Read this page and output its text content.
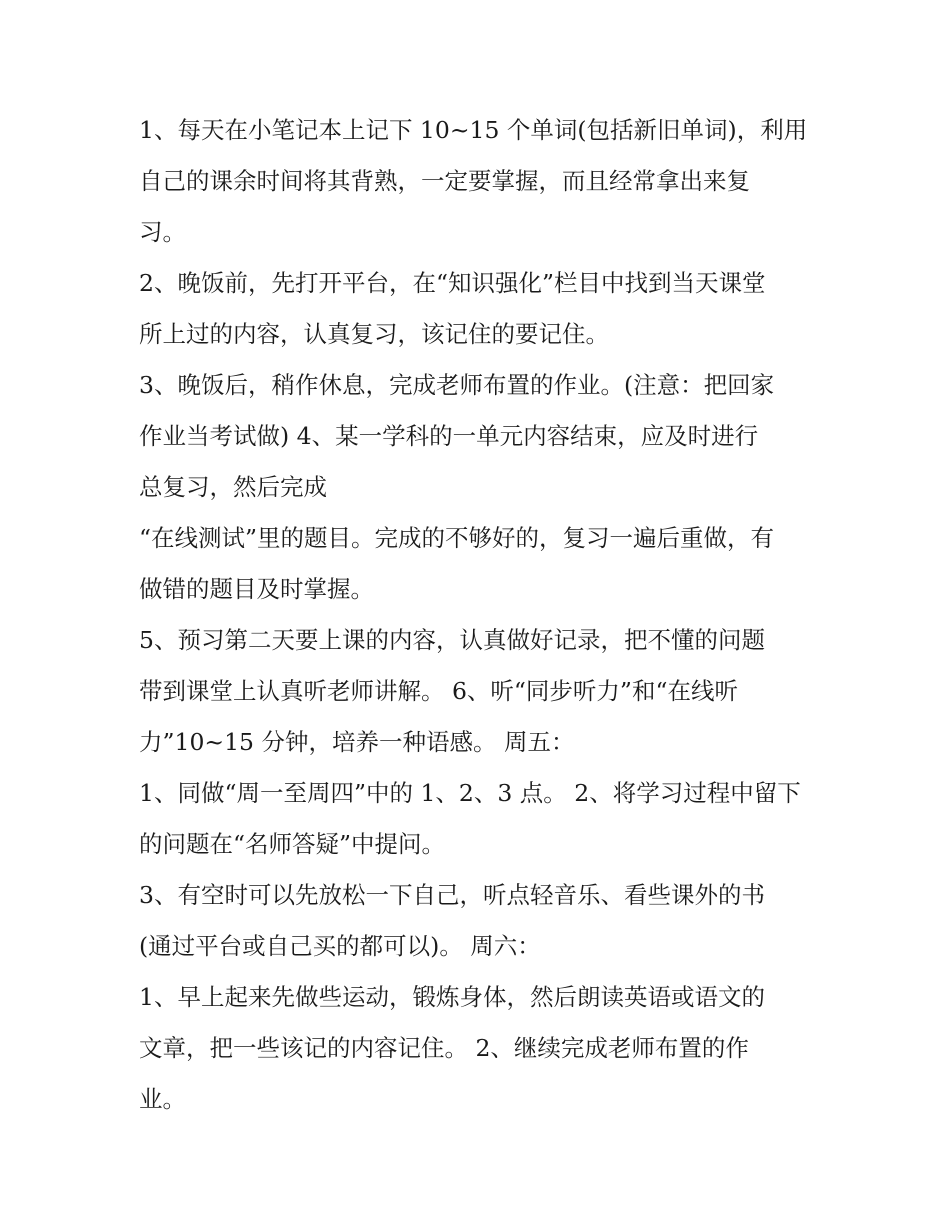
1、每天在小笔记本上记下 10~15 个单词(包括新旧单词)，利用
自己的课余时间将其背熟，一定要掌握，而且经常拿出来复
习。
2、晚饭前，先打开平台，在“知识强化”栏目中找到当天课堂
所上过的内容，认真复习，该记住的要记住。
3、晚饭后，稍作休息，完成老师布置的作业。(注意：把回家
作业当考试做) 4、某一学科的一单元内容结束，应及时进行
总复习，然后完成
“在线测试”里的题目。完成的不够好的，复习一遍后重做，有
做错的题目及时掌握。
5、预习第二天要上课的内容，认真做好记录，把不懂的问题
带到课堂上认真听老师讲解。 6、听“同步听力”和“在线听
力”10~15 分钟，培养一种语感。 周五：
1、同做“周一至周四”中的 1、2、3 点。 2、将学习过程中留下
的问题在“名师答疑”中提问。
3、有空时可以先放松一下自己，听点轻音乐、看些课外的书
(通过平台或自己买的都可以)。 周六：
1、早上起来先做些运动，锻炼身体，然后朗读英语或语文的
文章，把一些该记的内容记住。 2、继续完成老师布置的作
业。
